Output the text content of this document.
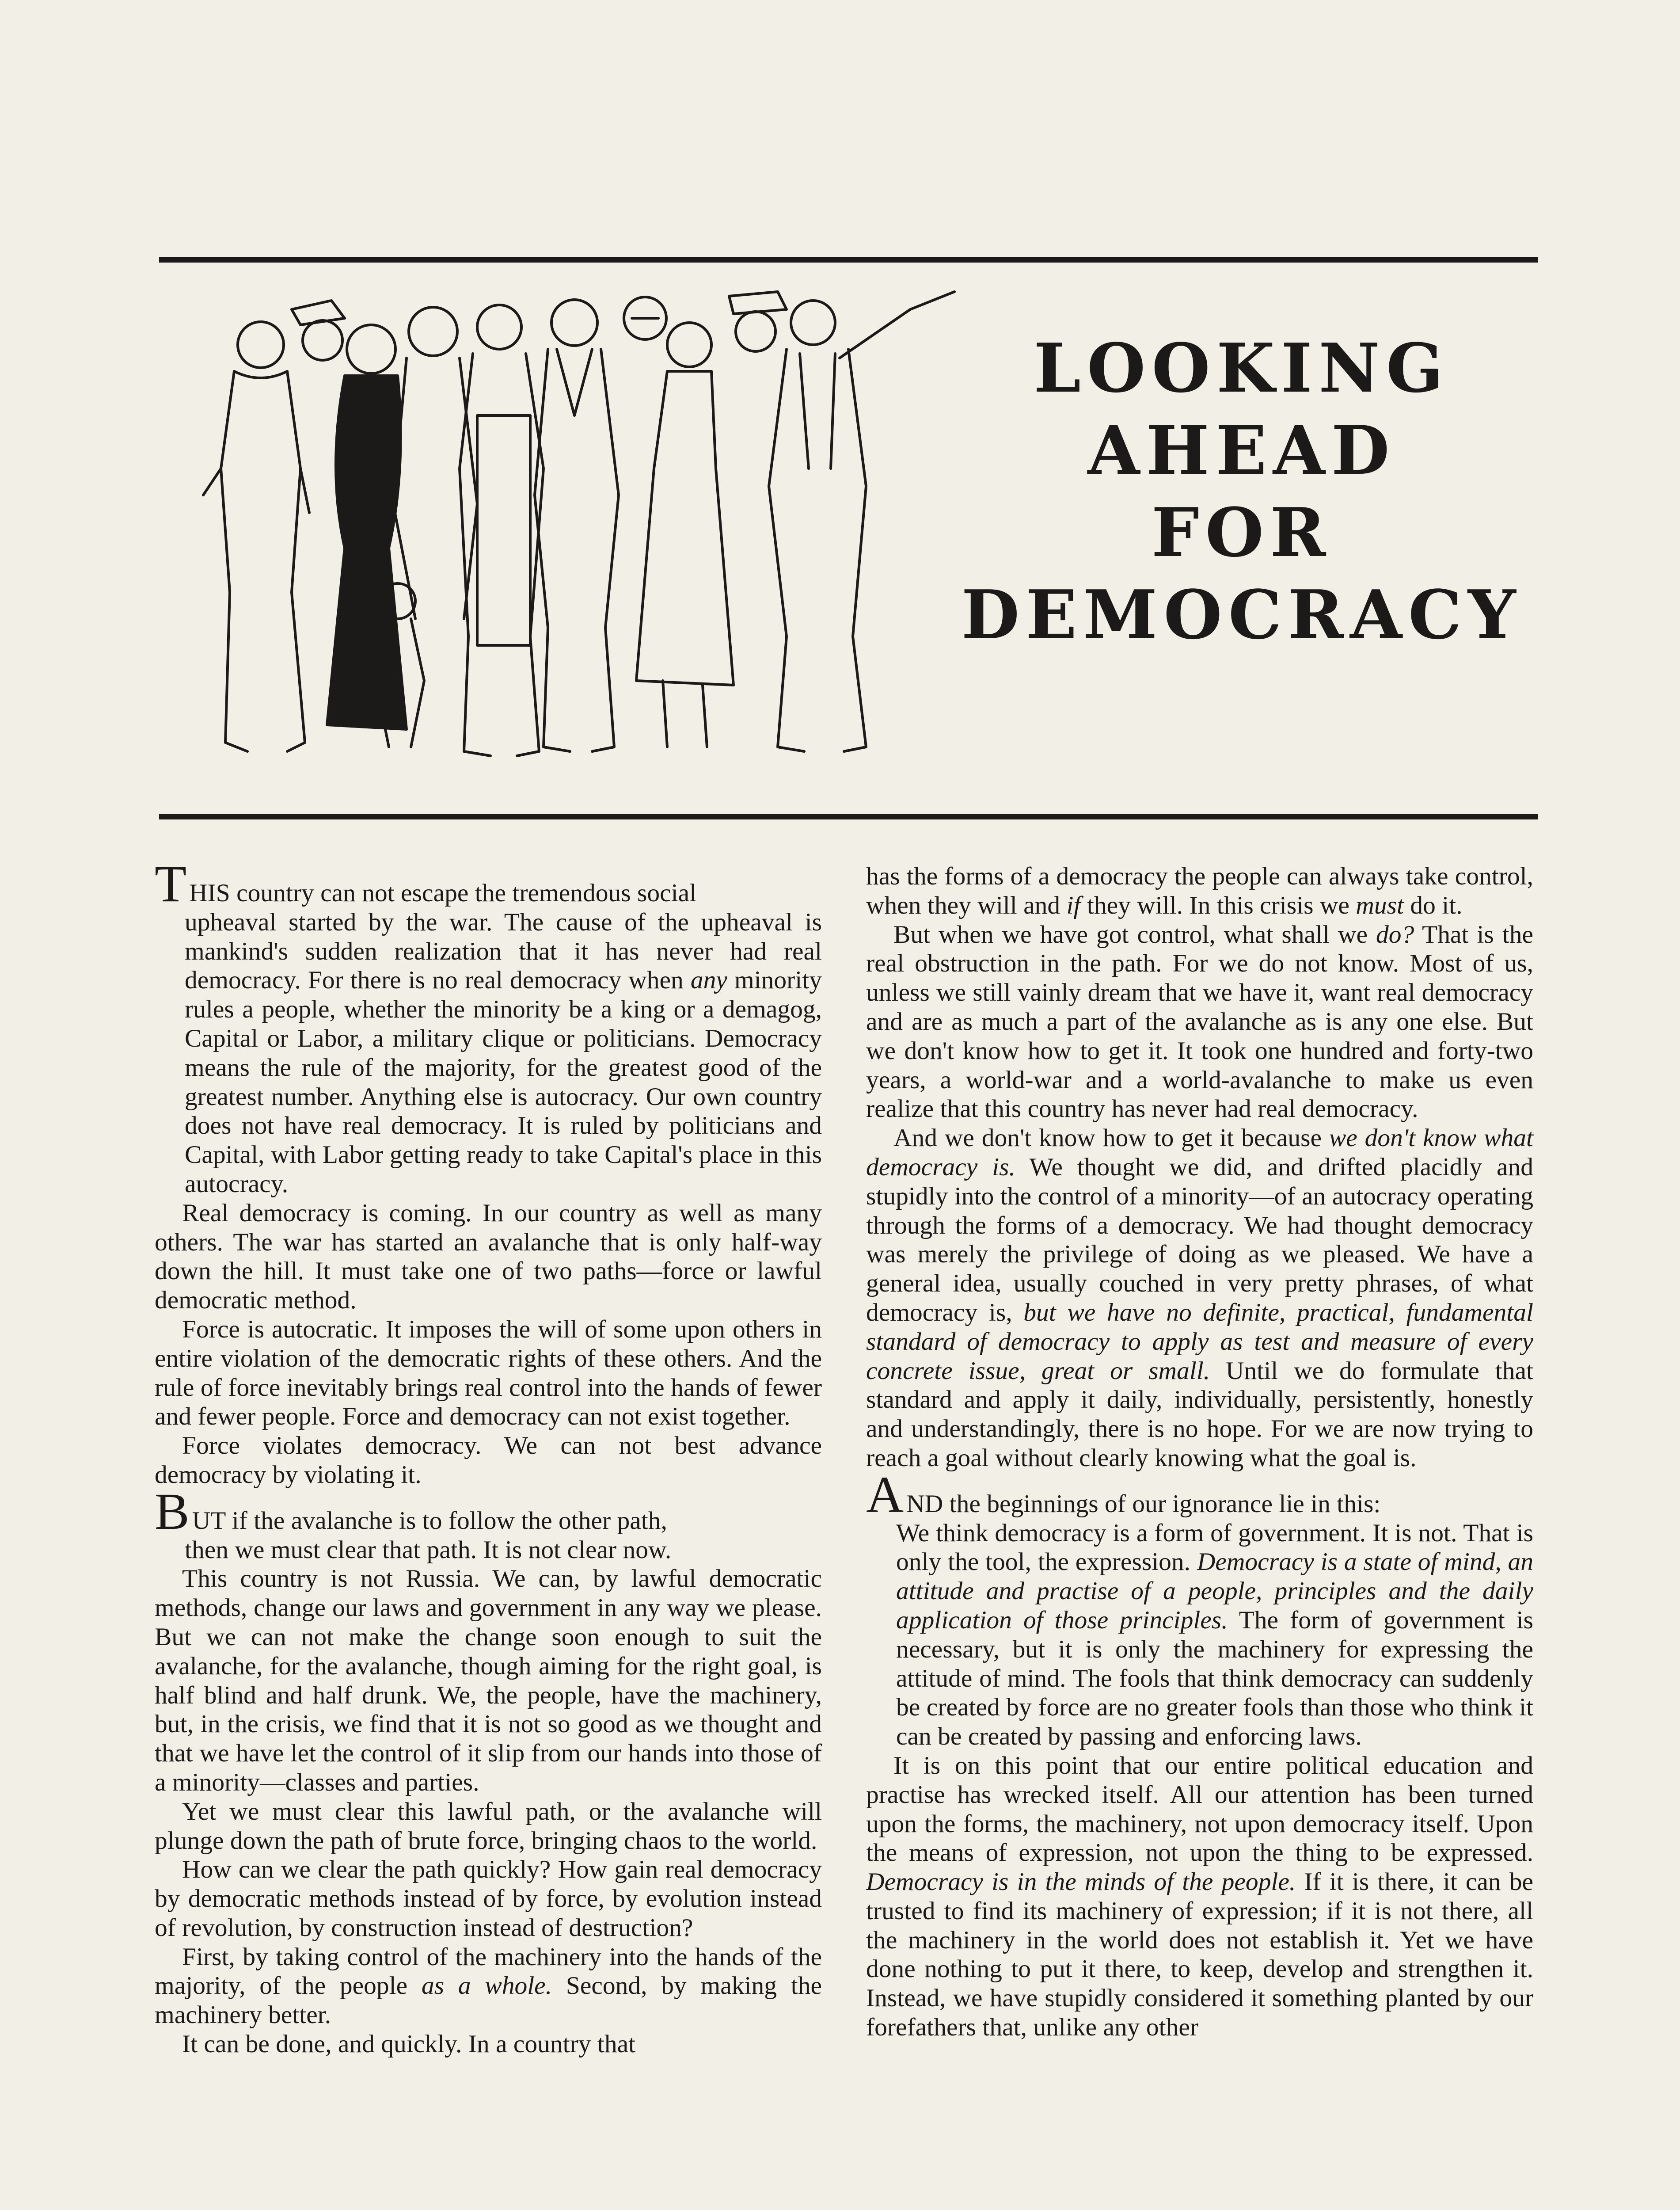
LOOKING
AHEAD
FOR
DEMOCRACY

THIS country can not escape the tremendous social

upheaval started by the war. The cause of the upheaval is mankind's sudden realization that it has never had real democracy. For there is no real democracy when any minority rules a people, whether the minority be a king or a demagog, Capital or Labor, a military clique or politicians. Democracy means the rule of the majority, for the greatest good of the greatest number. Anything else is autocracy. Our own country does not have real democracy. It is ruled by politicians and Capital, with Labor getting ready to take Capital's place in this autocracy.

Real democracy is coming. In our country as well as many others. The war has started an avalanche that is only half-way down the hill. It must take one of two paths—force or lawful democratic method.

Force is autocratic. It imposes the will of some upon others in entire violation of the democratic rights of these others. And the rule of force inevitably brings real control into the hands of fewer and fewer people. Force and democracy can not exist together.

Force violates democracy. We can not best advance democracy by violating it.

BUT if the avalanche is to follow the other path,

then we must clear that path. It is not clear now.

This country is not Russia. We can, by lawful democratic methods, change our laws and government in any way we please. But we can not make the change soon enough to suit the avalanche, for the avalanche, though aiming for the right goal, is half blind and half drunk. We, the people, have the machinery, but, in the crisis, we find that it is not so good as we thought and that we have let the control of it slip from our hands into those of a minority—classes and parties.

Yet we must clear this lawful path, or the avalanche will plunge down the path of brute force, bringing chaos to the world.

How can we clear the path quickly? How gain real democracy by democratic methods instead of by force, by evolution instead of revolution, by construction instead of destruction?

First, by taking control of the machinery into the hands of the majority, of the people as a whole. Second, by making the machinery better.

It can be done, and quickly. In a country that

has the forms of a democracy the people can always take control, when they will and if they will. In this crisis we must do it.

But when we have got control, what shall we do? That is the real obstruction in the path. For we do not know. Most of us, unless we still vainly dream that we have it, want real democracy and are as much a part of the avalanche as is any one else. But we don't know how to get it. It took one hundred and forty-two years, a world-war and a world-avalanche to make us even realize that this country has never had real democracy.

And we don't know how to get it because we don't know what democracy is. We thought we did, and drifted placidly and stupidly into the control of a minority—of an autocracy operating through the forms of a democracy. We had thought democracy was merely the privilege of doing as we pleased. We have a general idea, usually couched in very pretty phrases, of what democracy is, but we have no definite, practical, fundamental standard of democracy to apply as test and measure of every concrete issue, great or small. Until we do formulate that standard and apply it daily, individually, persistently, honestly and understandingly, there is no hope. For we are now trying to reach a goal without clearly knowing what the goal is.

AND the beginnings of our ignorance lie in this:

We think democracy is a form of government. It is not. That is only the tool, the expression. Democracy is a state of mind, an attitude and practise of a people, principles and the daily application of those principles. The form of government is necessary, but it is only the machinery for expressing the attitude of mind. The fools that think democracy can suddenly be created by force are no greater fools than those who think it can be created by passing and enforcing laws.

It is on this point that our entire political education and practise has wrecked itself. All our attention has been turned upon the forms, the machinery, not upon democracy itself. Upon the means of expression, not upon the thing to be expressed. Democracy is in the minds of the people. If it is there, it can be trusted to find its machinery of expression; if it is not there, all the machinery in the world does not establish it. Yet we have done nothing to put it there, to keep, develop and strengthen it. Instead, we have stupidly considered it something planted by our forefathers that, unlike any other
